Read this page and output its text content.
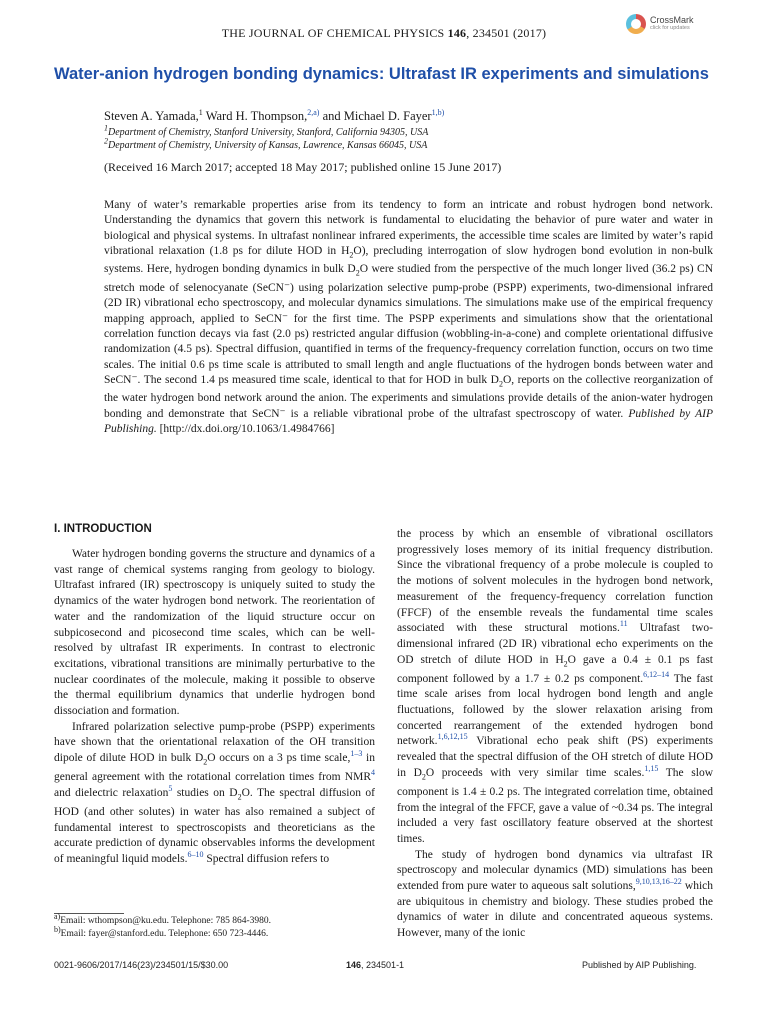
THE JOURNAL OF CHEMICAL PHYSICS 146, 234501 (2017)
CrossMark
click for updates
Water-anion hydrogen bonding dynamics: Ultrafast IR experiments and simulations
Steven A. Yamada,$^1$ Ward H. Thompson,$^{2,a)}$ and Michael D. Fayer$^{1,b)}$
$^1$Department of Chemistry, Stanford University, Stanford, California 94305, USA
$^2$Department of Chemistry, University of Kansas, Lawrence, Kansas 66045, USA
(Received 16 March 2017; accepted 18 May 2017; published online 15 June 2017)
Many of water’s remarkable properties arise from its tendency to form an intricate and robust hydrogen bond network. Understanding the dynamics that govern this network is fundamental to elucidating the behavior of pure water and water in biological and physical systems. In ultrafast nonlinear infrared experiments, the accessible time scales are limited by water’s rapid vibrational relaxation (1.8 ps for dilute HOD in $H_2O$), precluding interrogation of slow hydrogen bond evolution in non-bulk systems. Here, hydrogen bonding dynamics in bulk $D_2O$ were studied from the perspective of the much longer lived (36.2 ps) CN stretch mode of selenocyanate (SeCN⁻) using polarization selective pump-probe (PSPP) experiments, two-dimensional infrared (2D IR) vibrational echo spectroscopy, and molecular dynamics simulations. The simulations make use of the empirical frequency mapping approach, applied to SeCN⁻ for the first time. The PSPP experiments and simulations show that the orientational correlation function decays via fast (2.0 ps) restricted angular diffusion (wobbling-in-a-cone) and complete orientational diffusive randomization (4.5 ps). Spectral diffusion, quantified in terms of the frequency-frequency correlation function, occurs on two time scales. The initial 0.6 ps time scale is attributed to small length and angle fluctuations of the hydrogen bonds between water and SeCN⁻. The second 1.4 ps measured time scale, identical to that for HOD in bulk $D_2O$, reports on the collective reorganization of the water hydrogen bond network around the anion. The experiments and simulations provide details of the anion-water hydrogen bonding and demonstrate that SeCN⁻ is a reliable vibrational probe of the ultrafast spectroscopy of water. Published by AIP Publishing. [http://dx.doi.org/10.1063/1.4984766]
I. INTRODUCTION

Water hydrogen bonding governs the structure and dynamics of a vast range of chemical systems ranging from geology to biology. Ultrafast infrared (IR) spectroscopy is uniquely suited to study the dynamics of the water hydrogen bond network. The reorientation of water and the randomization of the liquid structure occur on subpicosecond and picosecond time scales, which can be well-resolved by ultrafast IR experiments. In contrast to electronic excitations, vibrational transitions are minimally perturbative to the nuclear coordinates of the molecule, making it possible to observe the thermal equilibrium dynamics that underlie hydrogen bond dissociation and formation.

Infrared polarization selective pump-probe (PSPP) experiments have shown that the orientational relaxation of the OH transition dipole of dilute HOD in bulk $D_2O$ occurs on a 3 ps time scale,$^{1-3}$ in general agreement with the rotational correlation times from NMR$^4$ and dielectric relaxation$^5$ studies on $D_2O$. The spectral diffusion of HOD (and other solutes) in water has also remained a subject of fundamental interest to spectroscopists and theoreticians as the accurate prediction of dynamic observables informs the development of meaningful liquid models.$^{6-10}$ Spectral diffusion refers to

the process by which an ensemble of vibrational oscillators progressively loses memory of its initial frequency distribution. Since the vibrational frequency of a probe molecule is coupled to the motions of solvent molecules in the hydrogen bond network, measurement of the frequency-frequency correlation function (FFCF) of the ensemble reveals the fundamental time scales associated with these structural motions.$^{11}$ Ultrafast two-dimensional infrared (2D IR) vibrational echo experiments on the OD stretch of dilute HOD in $H_2O$ gave a 0.4 ± 0.1 ps fast component followed by a 1.7 ± 0.2 ps component.$^{6,12-14}$ The fast time scale arises from local hydrogen bond length and angle fluctuations, followed by the slower relaxation arising from concerted rearrangement of the extended hydrogen bond network.$^{1,6,12,15}$ Vibrational echo peak shift (PS) experiments revealed that the spectral diffusion of the OH stretch of dilute HOD in $D_2O$ proceeds with very similar time scales.$^{1,15}$ The slow component is 1.4 ± 0.2 ps. The integrated correlation time, obtained from the integral of the FFCF, gave a value of ~0.34 ps. The integral included a very fast oscillatory feature observed at the shortest times.

The study of hydrogen bond dynamics via ultrafast IR spectroscopy and molecular dynamics (MD) simulations has been extended from pure water to aqueous salt solutions,$^{9,10,13,16-22}$ which are ubiquitous in chemistry and biology. These studies probed the dynamics of water in dilute and concentrated aqueous systems. However, many of the ionic

$^{a)}$Email: wthompson@ku.edu. Telephone: 785 864-3980.
$^{b)}$Email: fayer@stanford.edu. Telephone: 650 723-4446.
0021-9606/2017/146(23)/234501/15/$30.00	146, 234501-1	Published by AIP Publishing.
